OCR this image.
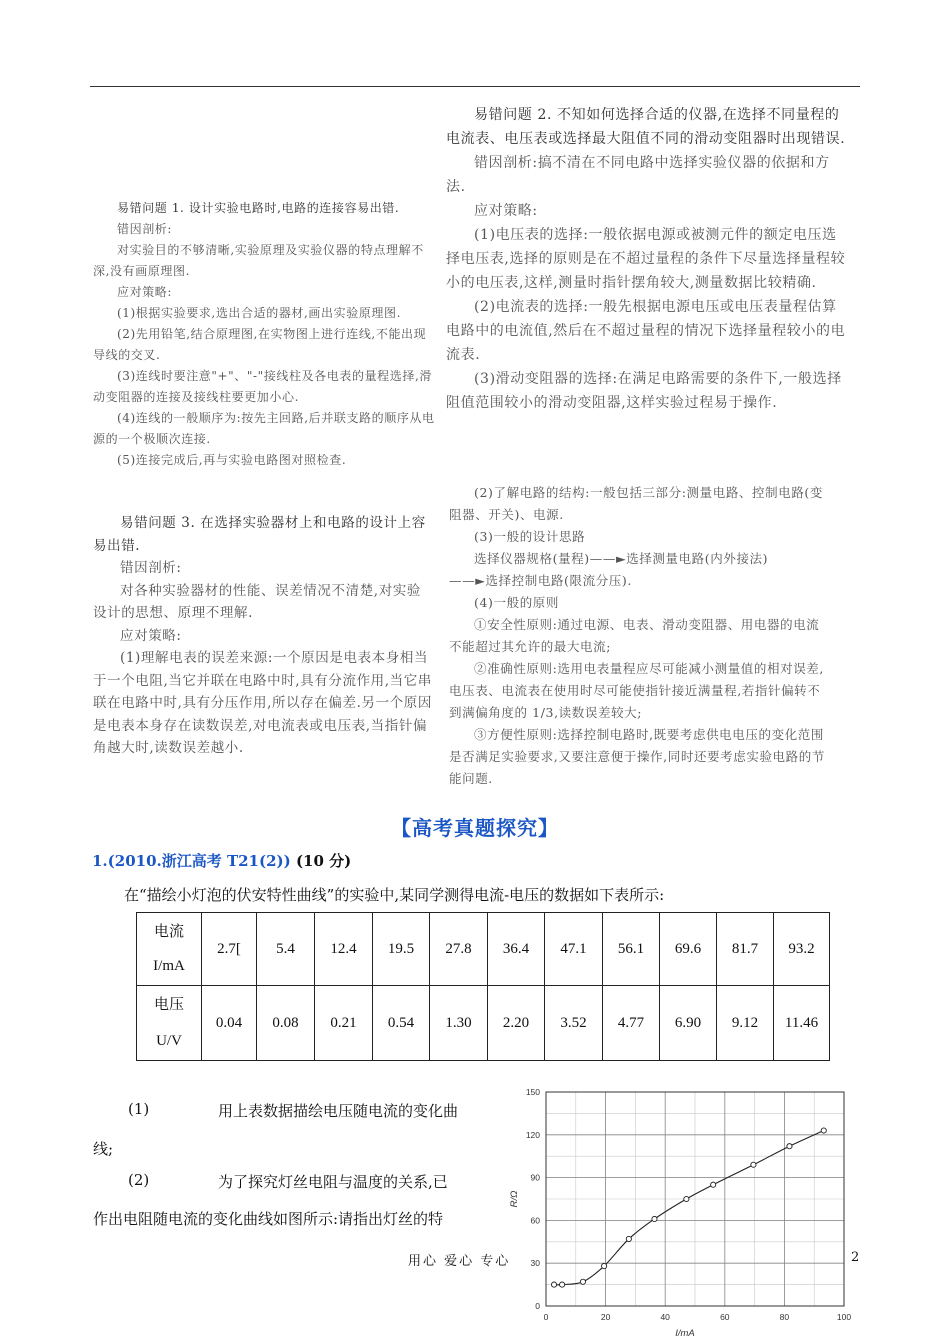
易错问题 2. 不知如何选择合适的仪器,在选择不同量程的电流表、电压表或选择最大阻值不同的滑动变阻器时出现错误.

错因剖析:搞不清在不同电路中选择实验仪器的依据和方法.

应对策略:

(1)电压表的选择:一般依据电源或被测元件的额定电压选择电压表,选择的原则是在不超过量程的条件下尽量选择量程较小的电压表,这样,测量时指针摆角较大,测量数据比较精确.

(2)电流表的选择:一般先根据电源电压或电压表量程估算电路中的电流值,然后在不超过量程的情况下选择量程较小的电流表.

(3)滑动变阻器的选择:在满足电路需要的条件下,一般选择阻值范围较小的滑动变阻器,这样实验过程易于操作.

易错问题 1. 设计实验电路时,电路的连接容易出错.

错因剖析:

对实验目的不够清晰,实验原理及实验仪器的特点理解不深,没有画原理图.

应对策略:

(1)根据实验要求,选出合适的器材,画出实验原理图.

(2)先用铅笔,结合原理图,在实物图上进行连线,不能出现导线的交叉.

(3)连线时要注意"+"、"-"接线柱及各电表的量程选择,滑动变阻器的连接及接线柱要更加小心.

(4)连线的一般顺序为:按先主回路,后并联支路的顺序从电源的一个极顺次连接.

(5)连接完成后,再与实验电路图对照检查.

易错问题 3. 在选择实验器材上和电路的设计上容易出错.

错因剖析:

对各种实验器材的性能、误差情况不清楚,对实验设计的思想、原理不理解.

应对策略:

(1)理解电表的误差来源:一个原因是电表本身相当于一个电阻,当它并联在电路中时,具有分流作用,当它串联在电路中时,具有分压作用,所以存在偏差.另一个原因是电表本身存在读数误差,对电流表或电压表,当指针偏角越大时,读数误差越小.

(2)了解电路的结构:一般包括三部分:测量电路、控制电路(变阻器、开关)、电源.

(3)一般的设计思路

选择仪器规格(量程)——►选择测量电路(内外接法)

——►选择控制电路(限流分压).

(4)一般的原则

①安全性原则:通过电源、电表、滑动变阻器、用电器的电流不能超过其允许的最大电流;

②准确性原则:选用电表量程应尽可能减小测量值的相对误差,电压表、电流表在使用时尽可能使指针接近满量程,若指针偏转不到满偏角度的 1/3,读数误差较大;

③方便性原则:选择控制电路时,既要考虑供电电压的变化范围是否满足实验要求,又要注意便于操作,同时还要考虑实验电路的节能问题.

【高考真题探究】
1.(2010.浙江高考 T21(2)) (10 分)
在“描绘小灯泡的伏安特性曲线”的实验中,某同学测得电流-电压的数据如下表所示:
电流
I/mA	2.7[	5.4	12.4	19.5	27.8	36.4	47.1	56.1	69.6	81.7	93.2

电压
U/V	0.04	0.08	0.21	0.54	1.30	2.20	3.52	4.77	6.90	9.12	11.46
(1)	用上表数据描绘电压随电流的变化曲
线;
(2)	为了探究灯丝电阻与温度的关系,已
作出电阻随电流的变化曲线如图所示:请指出灯丝的特
用心 爱心 专心	2
0	20	40	60	80	100
0
30
60
90
120
150
I/mA
R/Ω
